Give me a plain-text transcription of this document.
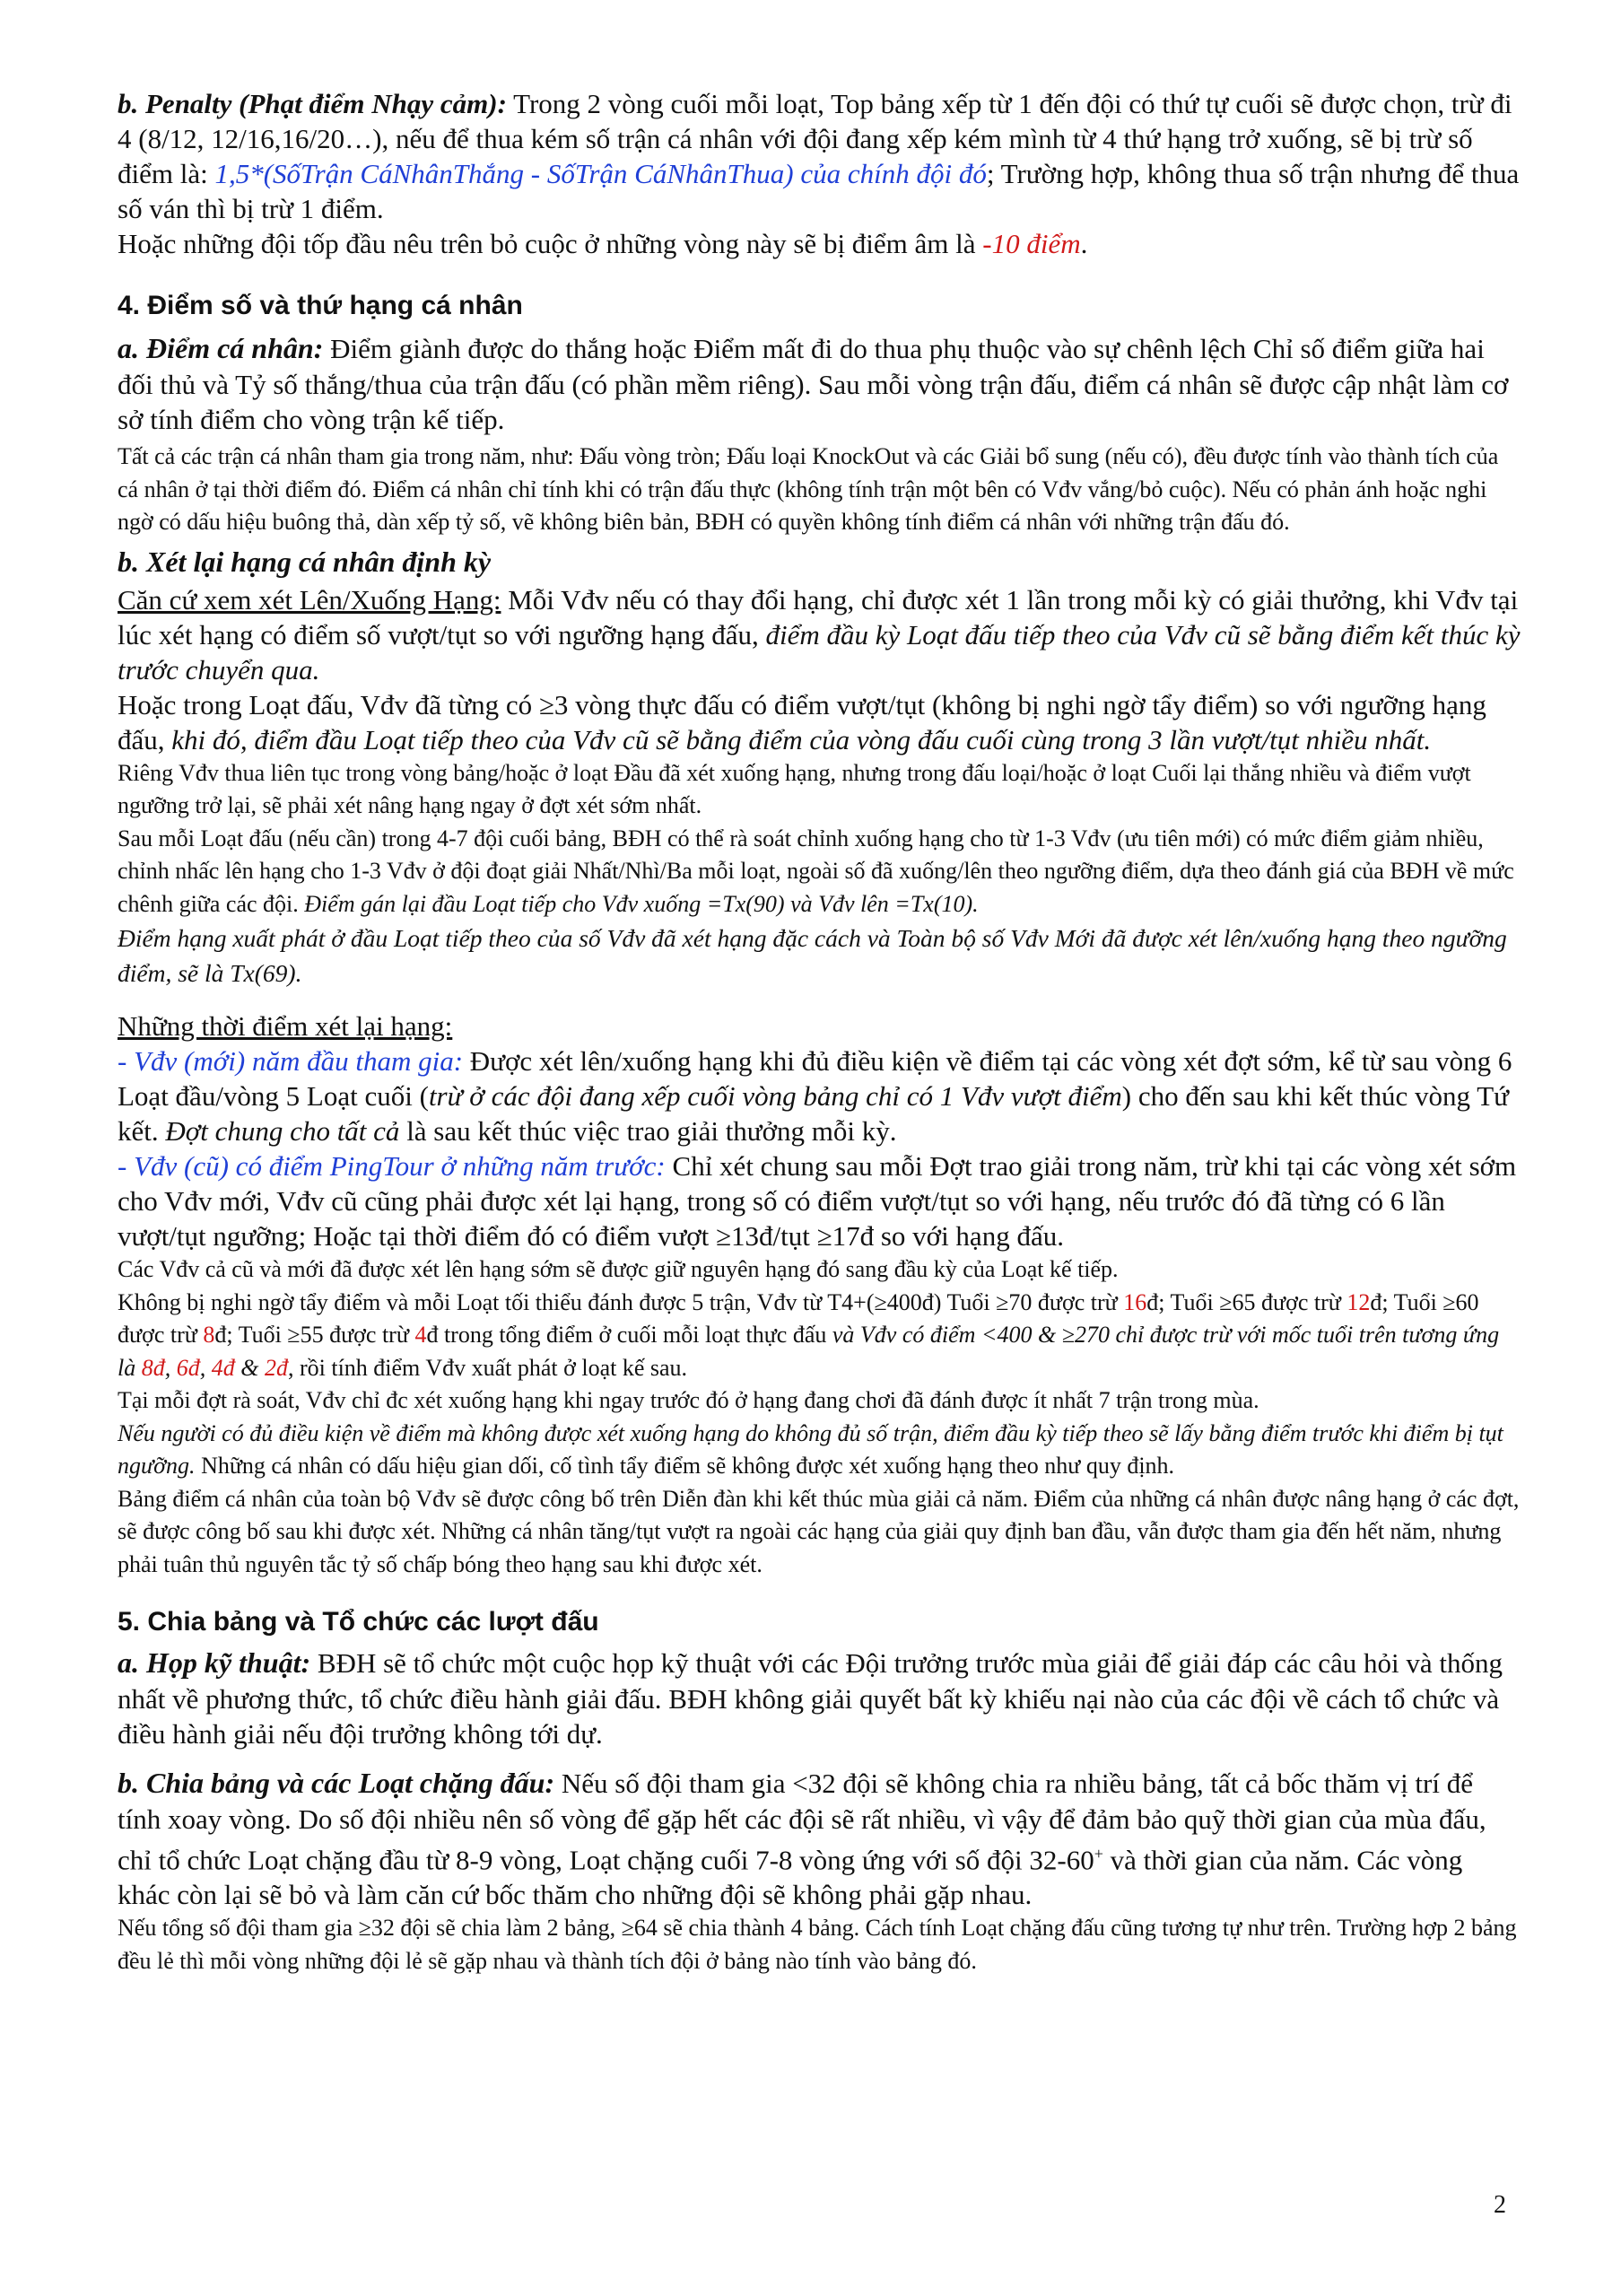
b. Penalty (Phạt điểm Nhạy cảm): Trong 2 vòng cuối mỗi loạt, Top bảng xếp từ 1 đến đội có thứ tự cuối sẽ được chọn, trừ đi 4 (8/12, 12/16,16/20…), nếu để thua kém số trận cá nhân với đội đang xếp kém mình từ 4 thứ hạng trở xuống, sẽ bị trừ số điểm là: 1,5*(SốTrận CáNhânThắng - SốTrận CáNhânThua) của chính đội đó; Trường hợp, không thua số trận nhưng để thua số ván thì bị trừ 1 điểm.

Hoặc những đội tốp đầu nêu trên bỏ cuộc ở những vòng này sẽ bị điểm âm là -10 điểm.

4. Điểm số và thứ hạng cá nhân

a. Điểm cá nhân: Điểm giành được do thắng hoặc Điểm mất đi do thua phụ thuộc vào sự chênh lệch Chỉ số điểm giữa hai đối thủ và Tỷ số thắng/thua của trận đấu (có phần mềm riêng). Sau mỗi vòng trận đấu, điểm cá nhân sẽ được cập nhật làm cơ sở tính điểm cho vòng trận kế tiếp.

Tất cả các trận cá nhân tham gia trong năm, như: Đấu vòng tròn; Đấu loại KnockOut và các Giải bổ sung (nếu có), đều được tính vào thành tích của cá nhân ở tại thời điểm đó. Điểm cá nhân chỉ tính khi có trận đấu thực (không tính trận một bên có Vđv vắng/bỏ cuộc). Nếu có phản ánh hoặc nghi ngờ có dấu hiệu buông thả, dàn xếp tỷ số, vẽ không biên bản, BĐH có quyền không tính điểm cá nhân với những trận đấu đó.

b. Xét lại hạng cá nhân định kỳ

Căn cứ xem xét Lên/Xuống Hạng: Mỗi Vđv nếu có thay đổi hạng, chỉ được xét 1 lần trong mỗi kỳ có giải thưởng, khi Vđv tại lúc xét hạng có điểm số vượt/tụt so với ngưỡng hạng đấu, điểm đầu kỳ Loạt đấu tiếp theo của Vđv cũ sẽ bằng điểm kết thúc kỳ trước chuyển qua.

Hoặc trong Loạt đấu, Vđv đã từng có ≥3 vòng thực đấu có điểm vượt/tụt (không bị nghi ngờ tẩy điểm) so với ngưỡng hạng đấu, khi đó, điểm đầu Loạt tiếp theo của Vđv cũ sẽ bằng điểm của vòng đấu cuối cùng trong 3 lần vượt/tụt nhiều nhất.

Riêng Vđv thua liên tục trong vòng bảng/hoặc ở loạt Đầu đã xét xuống hạng, nhưng trong đấu loại/hoặc ở loạt Cuối lại thắng nhiều và điểm vượt ngưỡng trở lại, sẽ phải xét nâng hạng ngay ở đợt xét sớm nhất.

Sau mỗi Loạt đấu (nếu cần) trong 4-7 đội cuối bảng, BĐH có thể rà soát chỉnh xuống hạng cho từ 1-3 Vđv (ưu tiên mới) có mức điểm giảm nhiều, chỉnh nhấc lên hạng cho 1-3 Vđv ở đội đoạt giải Nhất/Nhì/Ba mỗi loạt, ngoài số đã xuống/lên theo ngưỡng điểm, dựa theo đánh giá của BĐH về mức chênh giữa các đội. Điểm gán lại đầu Loạt tiếp cho Vđv xuống =Tx(90) và Vđv lên =Tx(10).

Điểm hạng xuất phát ở đầu Loạt tiếp theo của số Vđv đã xét hạng đặc cách và Toàn bộ số Vđv Mới đã được xét lên/xuống hạng theo ngưỡng điểm, sẽ là Tx(69).

Những thời điểm xét lại hạng:

- Vđv (mới) năm đầu tham gia: Được xét lên/xuống hạng khi đủ điều kiện về điểm tại các vòng xét đợt sớm, kể từ sau vòng 6 Loạt đầu/vòng 5 Loạt cuối (trừ ở các đội đang xếp cuối vòng bảng chỉ có 1 Vđv vượt điểm) cho đến sau khi kết thúc vòng Tứ kết. Đợt chung cho tất cả là sau kết thúc việc trao giải thưởng mỗi kỳ.

- Vđv (cũ) có điểm PingTour ở những năm trước: Chỉ xét chung sau mỗi Đợt trao giải trong năm, trừ khi tại các vòng xét sớm cho Vđv mới, Vđv cũ cũng phải được xét lại hạng, trong số có điểm vượt/tụt so với hạng, nếu trước đó đã từng có 6 lần vượt/tụt ngưỡng; Hoặc tại thời điểm đó có điểm vượt ≥13đ/tụt ≥17đ so với hạng đấu.

Các Vđv cả cũ và mới đã được xét lên hạng sớm sẽ được giữ nguyên hạng đó sang đầu kỳ của Loạt kế tiếp.

Không bị nghi ngờ tẩy điểm và mỗi Loạt tối thiểu đánh được 5 trận, Vđv từ T4+(≥400đ) Tuổi ≥70 được trừ 16đ; Tuổi ≥65 được trừ 12đ; Tuổi ≥60 được trừ 8đ; Tuổi ≥55 được trừ 4đ trong tổng điểm ở cuối mỗi loạt thực đấu và Vđv có điểm <400 & ≥270 chỉ được trừ với mốc tuổi trên tương ứng là 8đ, 6đ, 4đ & 2đ, rồi tính điểm Vđv xuất phát ở loạt kế sau.

Tại mỗi đợt rà soát, Vđv chỉ đc xét xuống hạng khi ngay trước đó ở hạng đang chơi đã đánh được ít nhất 7 trận trong mùa.

Nếu người có đủ điều kiện về điểm mà không được xét xuống hạng do không đủ số trận, điểm đầu kỳ tiếp theo sẽ lấy bằng điểm trước khi điểm bị tụt ngưỡng. Những cá nhân có dấu hiệu gian dối, cố tình tẩy điểm sẽ không được xét xuống hạng theo như quy định.

Bảng điểm cá nhân của toàn bộ Vđv sẽ được công bố trên Diễn đàn khi kết thúc mùa giải cả năm. Điểm của những cá nhân được nâng hạng ở các đợt, sẽ được công bố sau khi được xét. Những cá nhân tăng/tụt vượt ra ngoài các hạng của giải quy định ban đầu, vẫn được tham gia đến hết năm, nhưng phải tuân thủ nguyên tắc tỷ số chấp bóng theo hạng sau khi được xét.

5. Chia bảng và Tổ chức các lượt đấu

a. Họp kỹ thuật: BĐH sẽ tổ chức một cuộc họp kỹ thuật với các Đội trưởng trước mùa giải để giải đáp các câu hỏi và thống nhất về phương thức, tổ chức điều hành giải đấu. BĐH không giải quyết bất kỳ khiếu nại nào của các đội về cách tổ chức và điều hành giải nếu đội trưởng không tới dự.

b. Chia bảng và các Loạt chặng đấu: Nếu số đội tham gia <32 đội sẽ không chia ra nhiều bảng, tất cả bốc thăm vị trí để tính xoay vòng. Do số đội nhiều nên số vòng để gặp hết các đội sẽ rất nhiều, vì vậy để đảm bảo quỹ thời gian của mùa đấu, chỉ tổ chức Loạt chặng đầu từ 8-9 vòng, Loạt chặng cuối 7-8 vòng ứng với số đội 32-60+ và thời gian của năm. Các vòng khác còn lại sẽ bỏ và làm căn cứ bốc thăm cho những đội sẽ không phải gặp nhau.

Nếu tổng số đội tham gia ≥32 đội sẽ chia làm 2 bảng, ≥64 sẽ chia thành 4 bảng. Cách tính Loạt chặng đấu cũng tương tự như trên. Trường hợp 2 bảng đều lẻ thì mỗi vòng những đội lẻ sẽ gặp nhau và thành tích đội ở bảng nào tính vào bảng đó.

2
